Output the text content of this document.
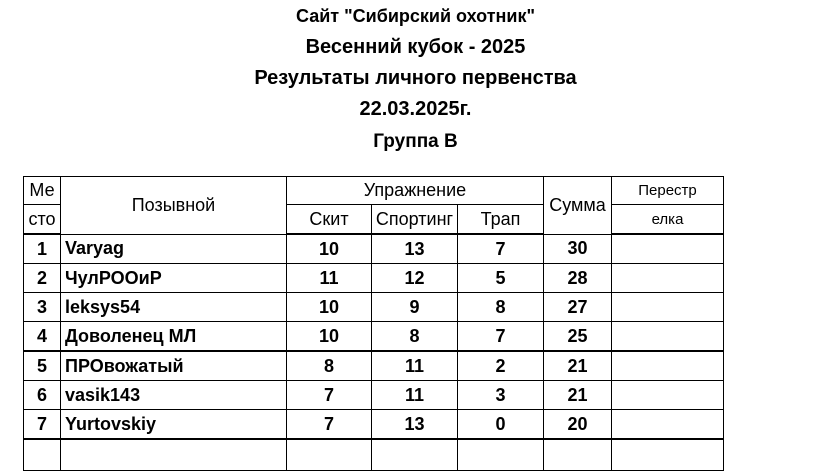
Сайт "Сибирский охотник"
Весенний кубок - 2025
Результаты личного первенства
22.03.2025г.
Группа В
Ме	Позывной	Упражнение			Сумма	Перестр
сто		Скит	Спортинг	Трап		елка
1	Varyag	10	13	7	30	
2	ЧулРООиР	11	12	5	28	
3	leksys54	10	9	8	27	
4	Доволенец МЛ	10	8	7	25	
5	ПРОвожатый	8	11	2	21	
6	vasik143	7	11	3	21	
7	Yurtovskiy	7	13	0	20	
